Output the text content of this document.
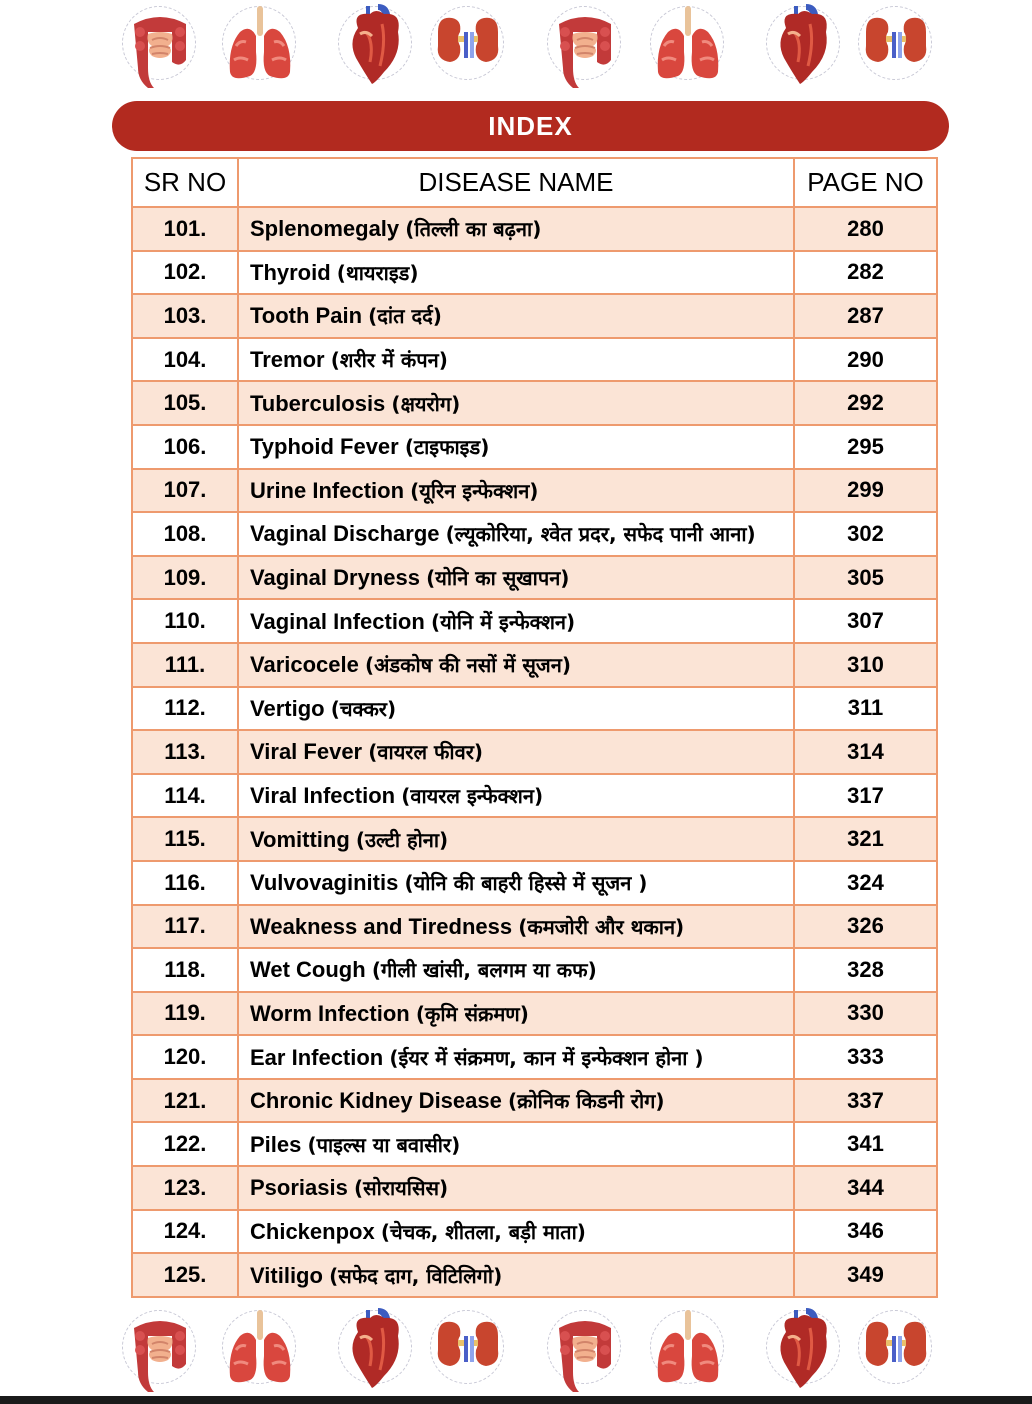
INDEX
SR NO	DISEASE NAME	PAGE NO
101.	Splenomegaly (तिल्ली का बढ़ना)	280
102.	Thyroid (थायराइड)	282
103.	Tooth Pain (दांत दर्द)	287
104.	Tremor (शरीर में कंपन)	290
105.	Tuberculosis (क्षयरोग)	292
106.	Typhoid Fever (टाइफाइड)	295
107.	Urine Infection (यूरिन इन्फेक्शन)	299
108.	Vaginal Discharge (ल्यूकोरिया, श्वेत प्रदर, सफेद पानी आना)	302
109.	Vaginal Dryness (योनि का सूखापन)	305
110.	Vaginal Infection (योनि में इन्फेक्शन)	307
111.	Varicocele (अंडकोष की नसों में सूजन)	310
112.	Vertigo (चक्कर)	311
113.	Viral Fever (वायरल फीवर)	314
114.	Viral Infection (वायरल इन्फेक्शन)	317
115.	Vomitting (उल्टी होना)	321
116.	Vulvovaginitis (योनि की बाहरी हिस्से में सूजन )	324
117.	Weakness and Tiredness (कमजोरी और थकान)	326
118.	Wet Cough (गीली खांसी, बलगम या कफ)	328
119.	Worm Infection (कृमि संक्रमण)	330
120.	Ear Infection (ईयर में संक्रमण, कान में इन्फेक्शन होना )	333
121.	Chronic Kidney Disease (क्रोनिक किडनी रोग)	337
122.	Piles (पाइल्स या बवासीर)	341
123.	Psoriasis (सोरायसिस)	344
124.	Chickenpox (चेचक, शीतला, बड़ी माता)	346
125.	Vitiligo (सफेद दाग, विटिलिगो)	349
